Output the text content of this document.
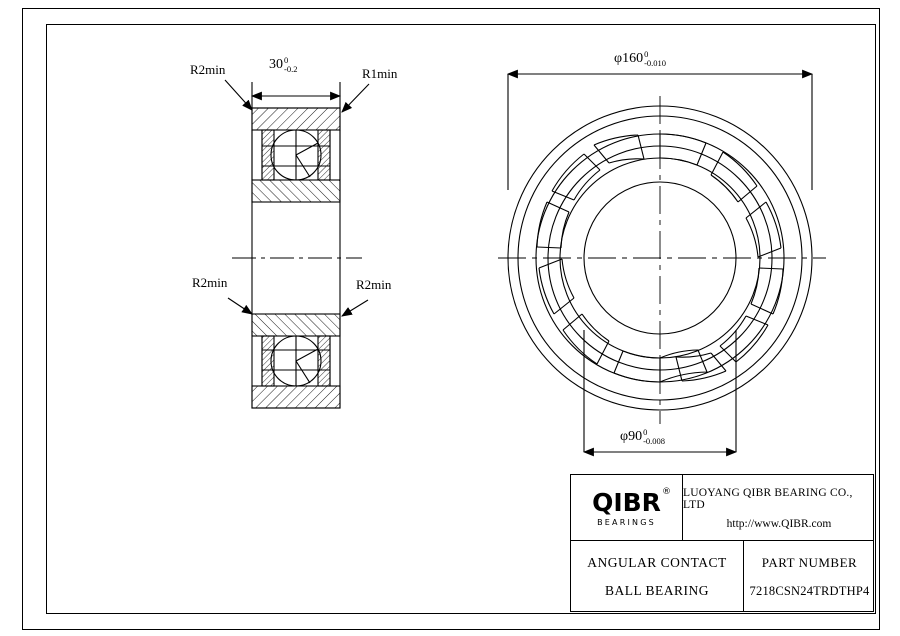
R2min	R1min
R2min	R2min
30 0
-0.2
φ160 0
-0.010
φ90 0
-0.008
QIBR ®
BEARINGS
LUOYANG QIBR BEARING CO., LTD
http://www.QIBR.com
ANGULAR CONTACT
BALL BEARING
PART NUMBER
7218CSN24TRDTHP4
